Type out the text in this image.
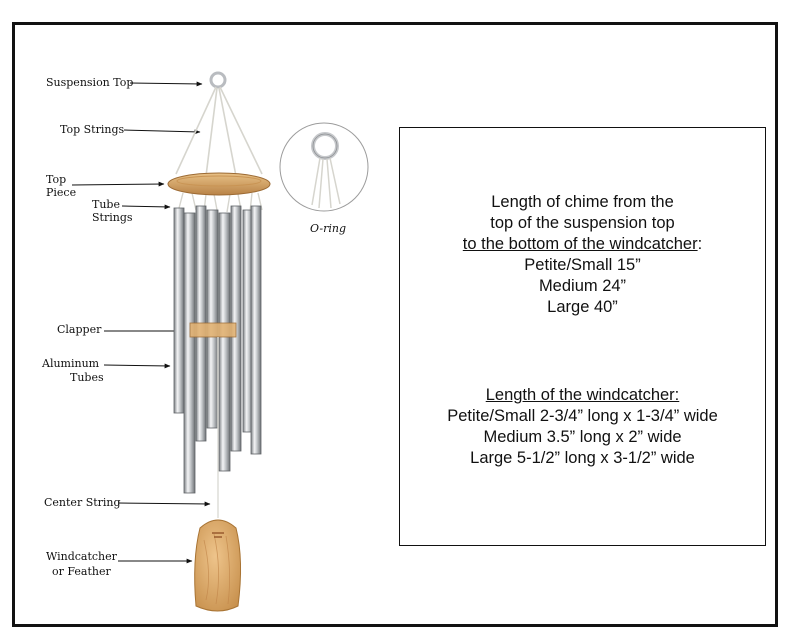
Suspension Top
Top Strings
Top
Piece
Tube
Strings
Clapper
Aluminum
Tubes
Center String
Windcatcher
or Feather
O-ring
Length of chime from the
top of the suspension top
to the bottom of the windcatcher:
Petite/Small 15”
Medium 24”
Large 40”
Length of the windcatcher:
Petite/Small 2-3/4” long x 1-3/4” wide
Medium 3.5” long x 2” wide
Large 5-1/2” long x 3-1/2” wide
